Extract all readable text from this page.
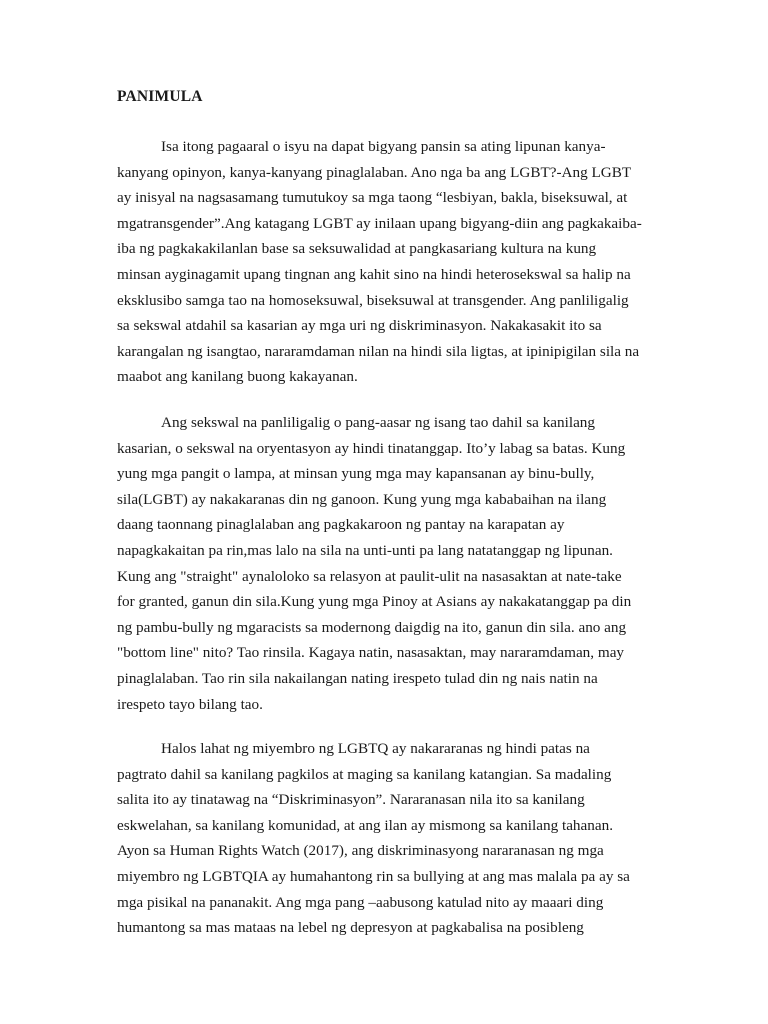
PANIMULA
Isa itong pagaaral o isyu na dapat bigyang pansin sa ating lipunan kanya-
kanyang opinyon, kanya-kanyang pinaglalaban. Ano nga ba ang LGBT?-Ang LGBT
ay inisyal na nagsasamang tumutukoy sa mga taong “lesbiyan, bakla, biseksuwal, at
mgatransgender”.Ang katagang LGBT ay inilaan upang bigyang-diin ang pagkakaiba-
iba ng pagkakakilanlan base sa seksuwalidad at pangkasariang kultura na kung
minsan ayginagamit upang tingnan ang kahit sino na hindi heterosekswal sa halip na
eksklusibo samga tao na homoseksuwal, biseksuwal at transgender. Ang panliligalig
sa sekswal atdahil sa kasarian ay mga uri ng diskriminasyon. Nakakasakit ito sa
karangalan ng isangtao, nararamdaman nilan na hindi sila ligtas, at ipinipigilan sila na
maabot ang kanilang buong kakayanan.
Ang sekswal na panliligalig o pang-aasar ng isang tao dahil sa kanilang
kasarian, o sekswal na oryentasyon ay hindi tinatanggap. Ito’y labag sa batas. Kung
yung mga pangit o lampa, at minsan yung mga may kapansanan ay binu-bully,
sila(LGBT) ay nakakaranas din ng ganoon. Kung yung mga kababaihan na ilang
daang taonnang pinaglalaban ang pagkakaroon ng pantay na karapatan ay
napagkakaitan pa rin,mas lalo na sila na unti-unti pa lang natatanggap ng lipunan.
Kung ang "straight" aynaloloko sa relasyon at paulit-ulit na nasasaktan at nate-take
for granted, ganun din sila.Kung yung mga Pinoy at Asians ay nakakatanggap pa din
ng pambu-bully ng mgaracists sa modernong daigdig na ito, ganun din sila. ano ang
"bottom line" nito? Tao rinsila. Kagaya natin, nasasaktan, may nararamdaman, may
pinaglalaban. Tao rin sila nakailangan nating irespeto tulad din ng nais natin na
irespeto tayo bilang tao.
Halos lahat ng miyembro ng LGBTQ ay nakararanas ng hindi patas na
pagtrato dahil sa kanilang pagkilos at maging sa kanilang katangian. Sa madaling
salita ito ay tinatawag na “Diskriminasyon”. Nararanasan nila ito sa kanilang
eskwelahan, sa kanilang komunidad, at ang ilan ay mismong sa kanilang tahanan.
Ayon sa Human Rights Watch (2017), ang diskriminasyong nararanasan ng mga
miyembro ng LGBTQIA ay humahantong rin sa bullying at ang mas malala pa ay sa
mga pisikal na pananakit. Ang mga pang –aabusong katulad nito ay maaari ding
humantong sa mas mataas na lebel ng depresyon at pagkabalisa na posibleng
